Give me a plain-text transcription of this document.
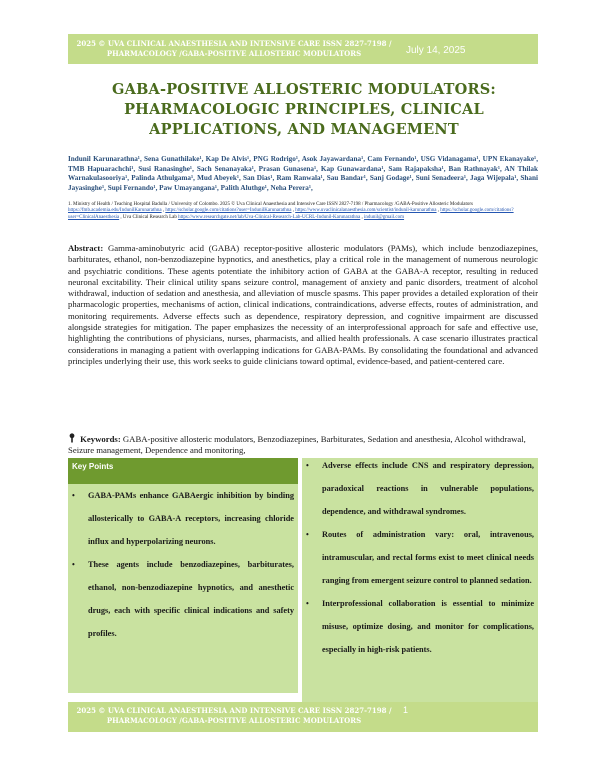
2025 © UVA CLINICAL ANAESTHESIA AND INTENSIVE CARE ISSN 2827-7198 /
PHARMACOLOGY /GABA-POSITIVE ALLOSTERIC MODULATORS	July 14, 2025
GABA-POSITIVE ALLOSTERIC MODULATORS:
PHARMACOLOGIC PRINCIPLES, CLINICAL
APPLICATIONS, AND MANAGEMENT
Indunil Karunarathna¹, Sena Gunathilake¹, Kap De Alvis¹, PNG Rodrigo¹, Asok Jayawardana¹, Cam Fernando¹, USG Vidanagama¹, UPN Ekanayake¹, TMB Hapuarachchi¹, Susi Ranasinghe¹, Sach Senanayaka¹, Prasan Gunasena¹, Kap Gunawardana¹, Sam Rajapaksha¹, Ban Rathnayak¹, AN Thilak Warnakulasooriya¹, Palinda Athulgama¹, Mud Abeyek¹, San Dias¹, Ram Ranwala¹, Sau Bandar¹, Sanj Godage¹, Suni Senadeera¹, Jaga Wijepala¹, Shani Jayasinghe¹, Supi Fernando¹, Paw Umayangana¹, Palith Aluthge¹, Neha Perera¹,
1. Ministry of Health / Teaching Hospital Badulla / University of Colombo. 2025 © Uva Clinical Anaesthesia and Intensive Care ISSN 2827-7198 / Pharmacology /GABA-Positive Allosteric Modulators
https://fmb.academia.edu/IndunilKarunarathna , https://scholar.google.com/citations?user=IndunilKarunarathna , https://www.uvaclinicalanaesthesia.com/scientist/indunil-karunarathna , https://scholar.google.com/citations?user=ClinicalAnaesthesia , Uva Clinical Research Lab https://www.researchgate.net/lab/Uva-Clinical-Research-Lab-UCRL-Indunil-Karunarathna , indunil@gmail.com
Abstract: Gamma-aminobutyric acid (GABA) receptor-positive allosteric modulators (PAMs), which include benzodiazepines, barbiturates, ethanol, non-benzodiazepine hypnotics, and anesthetics, play a critical role in the management of numerous neurologic and psychiatric conditions. These agents potentiate the inhibitory action of GABA at the GABA-A receptor, resulting in reduced neuronal excitability. Their clinical utility spans seizure control, management of anxiety and panic disorders, treatment of alcohol withdrawal, induction of sedation and anesthesia, and alleviation of muscle spasms. This paper provides a detailed exploration of their pharmacologic properties, mechanisms of action, clinical indications, contraindications, adverse effects, routes of administration, and monitoring requirements. Adverse effects such as dependence, respiratory depression, and cognitive impairment are discussed alongside strategies for mitigation. The paper emphasizes the necessity of an interprofessional approach for safe and effective use, highlighting the contributions of physicians, nurses, pharmacists, and allied health professionals. A case scenario illustrates practical considerations in managing a patient with overlapping indications for GABA-PAMs. By consolidating the foundational and advanced principles underlying their use, this work seeks to guide clinicians toward optimal, evidence-based, and patient-centered care.
Keywords: GABA-positive allosteric modulators, Benzodiazepines, Barbiturates, Sedation and anesthesia, Alcohol withdrawal, Seizure management, Dependence and monitoring,
Key Points
• GABA-PAMs enhance GABAergic inhibition by binding allosterically to GABA-A receptors, increasing chloride influx and hyperpolarizing neurons.
• These agents include benzodiazepines, barbiturates, ethanol, non-benzodiazepine hypnotics, and anesthetic drugs, each with specific clinical indications and safety profiles.
• Adverse effects include CNS and respiratory depression, paradoxical reactions in vulnerable populations, dependence, and withdrawal syndromes.
• Routes of administration vary: oral, intravenous, intramuscular, and rectal forms exist to meet clinical needs ranging from emergent seizure control to planned sedation.
• Interprofessional collaboration is essential to minimize misuse, optimize dosing, and monitor for complications, especially in high-risk patients.
2025 © UVA CLINICAL ANAESTHESIA AND INTENSIVE CARE ISSN 2827-7198 /
PHARMACOLOGY /GABA-POSITIVE ALLOSTERIC MODULATORS
1
